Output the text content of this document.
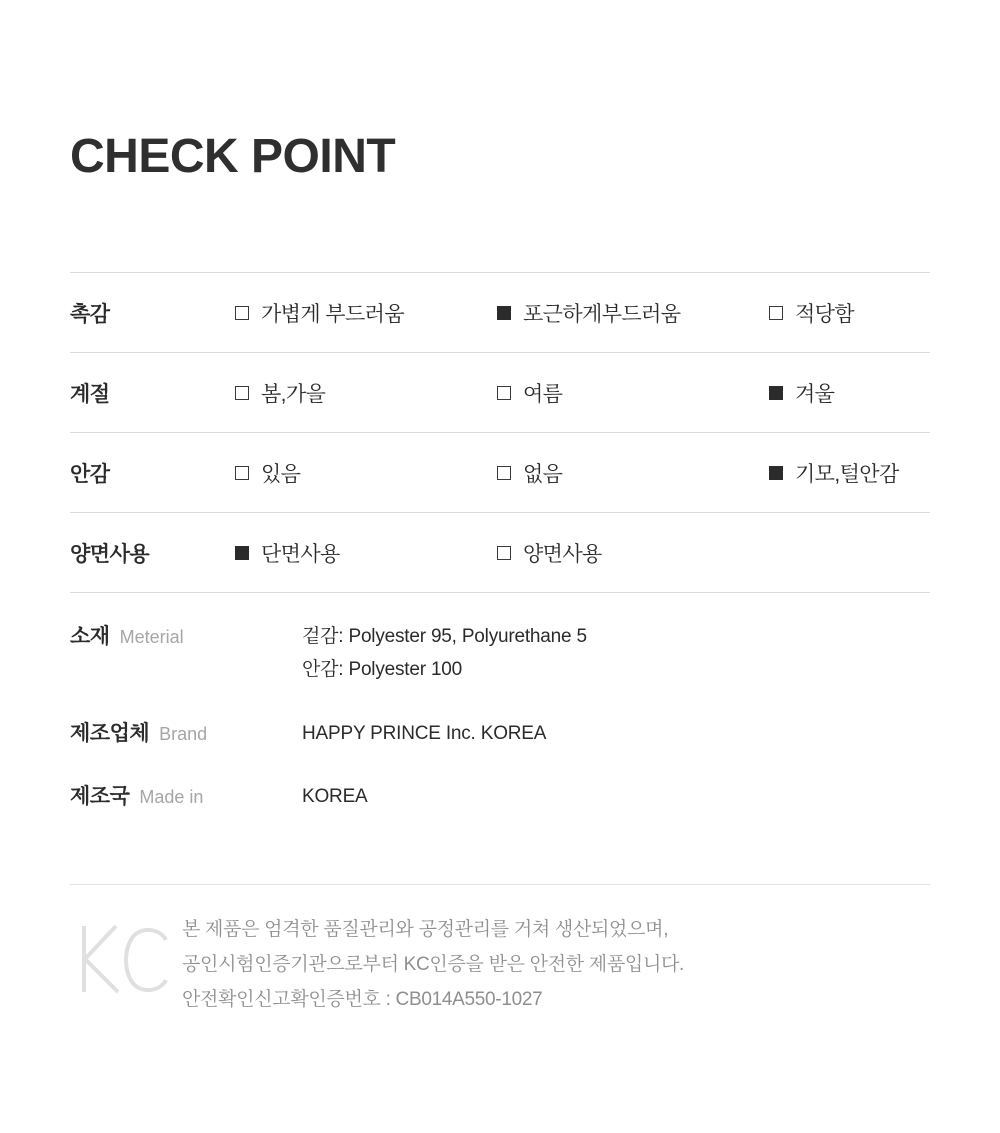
CHECK POINT
촉감	가볍게 부드러움	포근하게부드러움	적당함
계절	봄,가을	여름	겨울
안감	있음	없음	기모,털안감
양면사용	단면사용	양면사용
소재 Meterial	겉감: Polyester 95, Polyurethane 5
안감: Polyester 100
제조업체 Brand	HAPPY PRINCE Inc. KOREA
제조국 Made in	KOREA
본 제품은 엄격한 품질관리와 공정관리를 거쳐 생산되었으며,
공인시험인증기관으로부터 KC인증을 받은 안전한 제품입니다.
안전확인신고확인증번호 : CB014A550-1027
